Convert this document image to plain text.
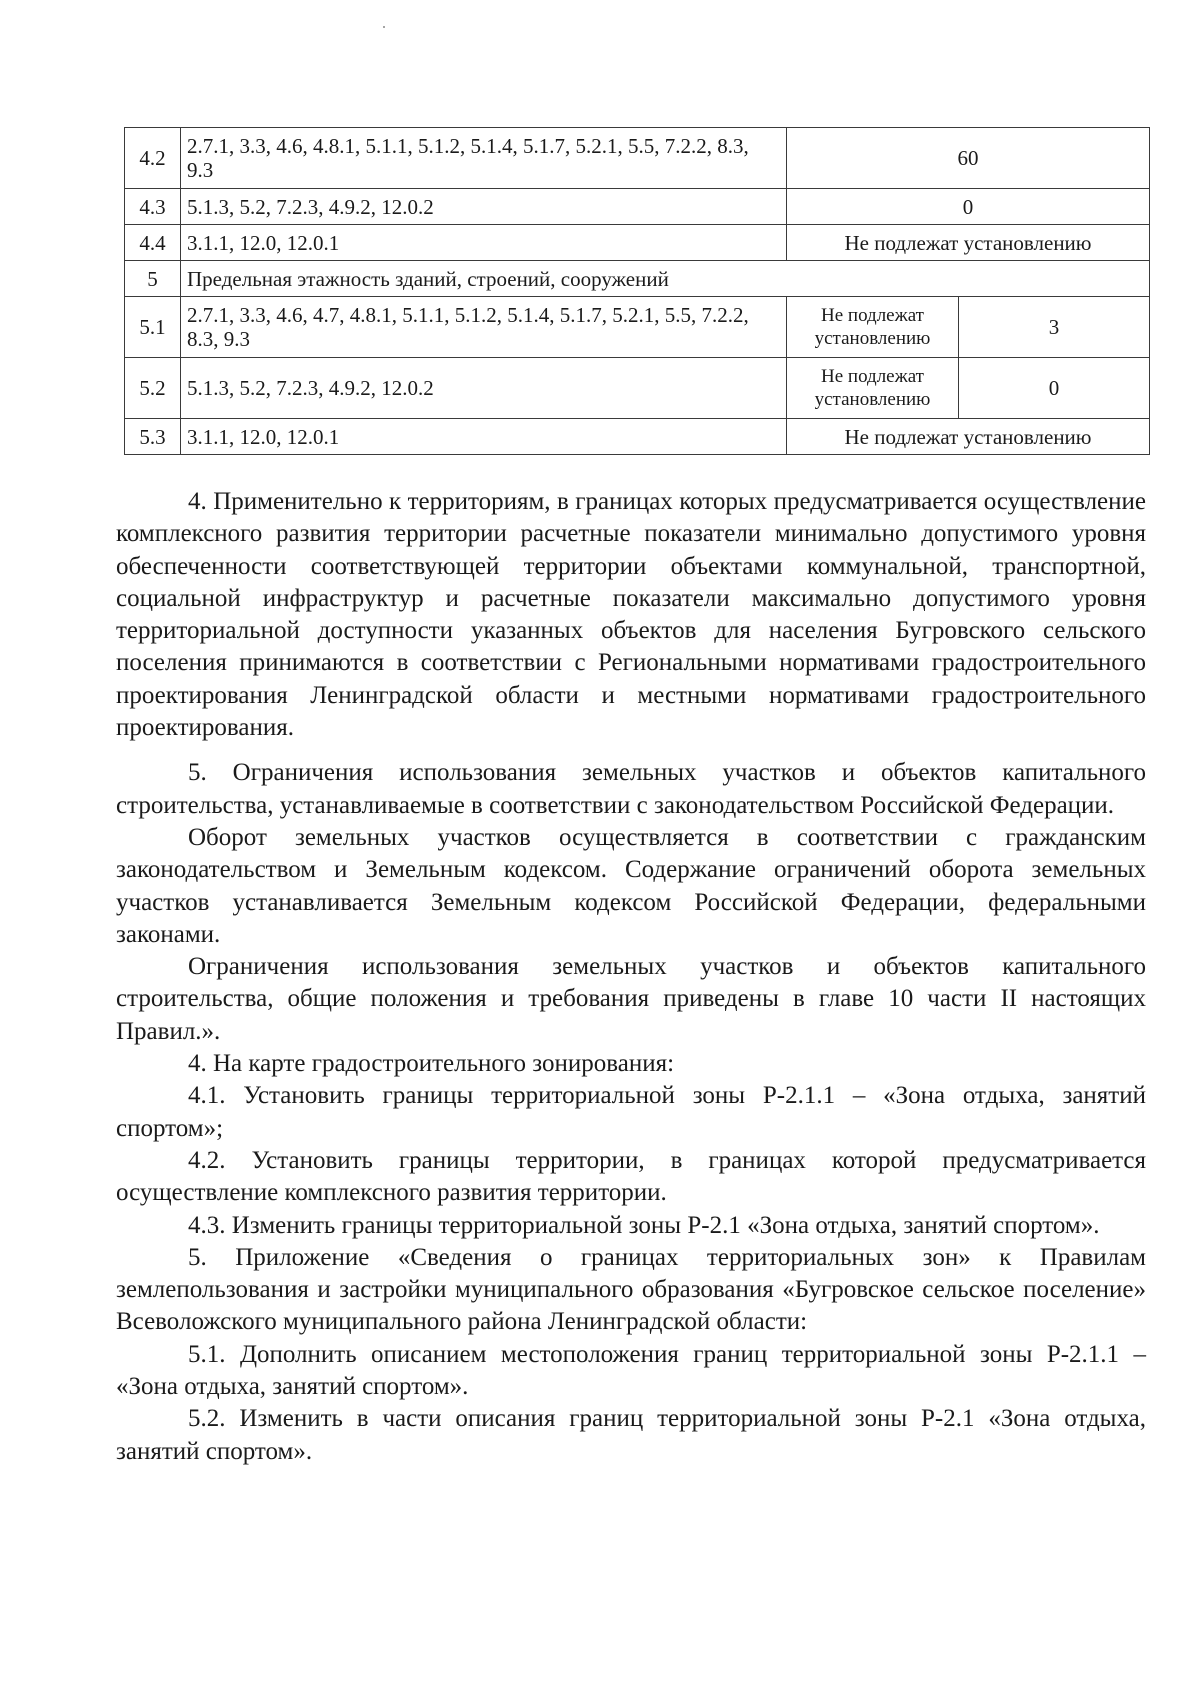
4.2	2.7.1, 3.3, 4.6, 4.8.1, 5.1.1, 5.1.2, 5.1.4, 5.1.7, 5.2.1, 5.5, 7.2.2, 8.3, 9.3	60	
4.3	5.1.3, 5.2, 7.2.3, 4.9.2, 12.0.2	0	
4.4	3.1.1, 12.0, 12.0.1	Не подлежат установлению	
5	Предельная этажность зданий, строений, сооружений		
5.1	2.7.1, 3.3, 4.6, 4.7, 4.8.1, 5.1.1, 5.1.2, 5.1.4, 5.1.7, 5.2.1, 5.5, 7.2.2, 8.3, 9.3	Не подлежат установлению	3
5.2	5.1.3, 5.2, 7.2.3, 4.9.2, 12.0.2	Не подлежат установлению	0
5.3	3.1.1, 12.0, 12.0.1	Не подлежат установлению	

4. Применительно к территориям, в границах которых предусматривается осуществление комплексного развития территории расчетные показатели минимально допустимого уровня обеспеченности соответствующей территории объектами коммунальной, транспортной, социальной инфраструктур и расчетные показатели максимально допустимого уровня территориальной доступности указанных объектов для населения Бугровского сельского поселения принимаются в соответствии с Региональными нормативами градостроительного проектирования Ленинградской области и местными нормативами градостроительного проектирования.

5. Ограничения использования земельных участков и объектов капитального строительства, устанавливаемые в соответствии с законодательством Российской Федерации.

Оборот земельных участков осуществляется в соответствии с гражданским законодательством и Земельным кодексом. Содержание ограничений оборота земельных участков устанавливается Земельным кодексом Российской Федерации, федеральными законами.

Ограничения использования земельных участков и объектов капитального строительства, общие положения и требования приведены в главе 10 части II настоящих Правил.».

4. На карте градостроительного зонирования:

4.1. Установить границы территориальной зоны Р-2.1.1 – «Зона отдыха, занятий спортом»;

4.2. Установить границы территории, в границах которой предусматривается осуществление комплексного развития территории.

4.3. Изменить границы территориальной зоны Р-2.1 «Зона отдыха, занятий спортом».

5. Приложение «Сведения о границах территориальных зон» к Правилам землепользования и застройки муниципального образования «Бугровское сельское поселение» Всеволожского муниципального района Ленинградской области:

5.1. Дополнить описанием местоположения границ территориальной зоны Р-2.1.1 – «Зона отдыха, занятий спортом».

5.2. Изменить в части описания границ территориальной зоны Р-2.1 «Зона отдыха, занятий спортом».
